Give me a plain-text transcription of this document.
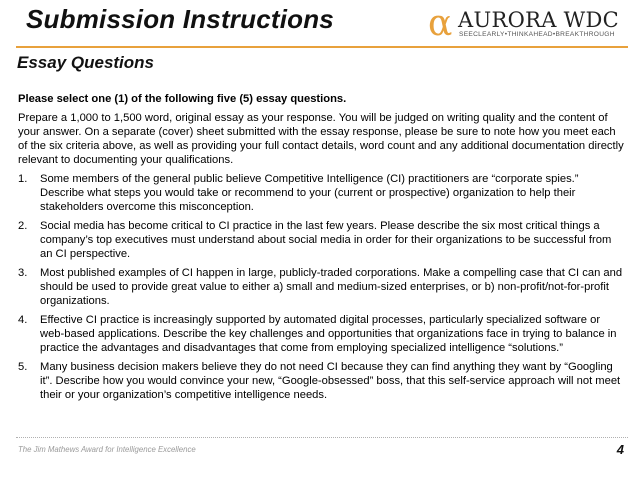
Submission Instructions	α AURORA WDC
SEECLEARLY•THINKAHEAD•BREAKTHROUGH
Essay Questions

Please select one (1) of the following five (5) essay questions.

Prepare a 1,000 to 1,500 word, original essay as your response. You will be judged on writing quality and the content of your answer. On a separate (cover) sheet submitted with the essay response, please be sure to note how you meet each of the six criteria above, as well as providing your full contact details, word count and any additional documentation directly relevant to documenting your qualifications.

1. Some members of the general public believe Competitive Intelligence (CI) practitioners are “corporate spies.” Describe what steps you would take or recommend to your (current or prospective) organization to help their stakeholders overcome this misconception.
2. Social media has become critical to CI practice in the last few years. Please describe the six most critical things a company’s top executives must understand about social media in order for their organizations to be successful from an CI perspective.
3. Most published examples of CI happen in large, publicly-traded corporations. Make a compelling case that CI can and should be used to provide great value to either a) small and medium-sized enterprises, or b) non-profit/not-for-profit organizations.
4. Effective CI practice is increasingly supported by automated digital processes, particularly specialized software or web-based applications. Describe the key challenges and opportunities that organizations face in trying to balance in practice the advantages and disadvantages that come from employing specialized intelligence “solutions.”
5. Many business decision makers believe they do not need CI because they can find anything they want by “Googling it”. Describe how you would convince your new, “Google-obsessed” boss, that this self-service approach will not meet their or your organization’s competitive intelligence needs.
The Jim Mathews Award for Intelligence Excellence	4
